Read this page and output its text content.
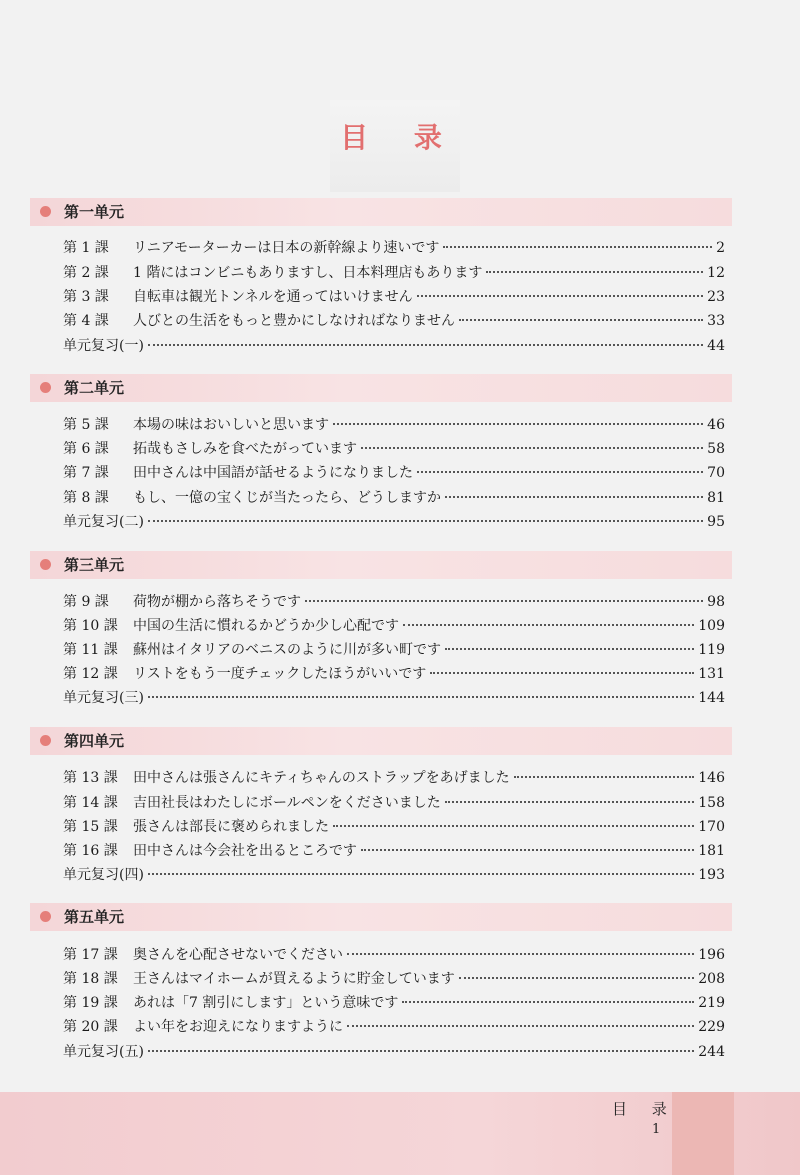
目 录
第一单元
第 1 課	リニアモーターカーは日本の新幹線より速いです	2
第 2 課	1 階にはコンビニもありますし、日本料理店もあります	12
第 3 課	自転車は観光トンネルを通ってはいけません	23
第 4 課	人びとの生活をもっと豊かにしなければなりません	33
单元复习(一)	44
第二单元
第 5 課	本場の味はおいしいと思います	46
第 6 課	拓哉もさしみを食べたがっています	58
第 7 課	田中さんは中国語が話せるようになりました	70
第 8 課	もし、一億の宝くじが当たったら、どうしますか	81
单元复习(二)	95
第三单元
第 9 課	荷物が棚から落ちそうです	98
第 10 課	中国の生活に慣れるかどうか少し心配です	109
第 11 課	蘇州はイタリアのベニスのように川が多い町です	119
第 12 課	リストをもう一度チェックしたほうがいいです	131
单元复习(三)	144
第四单元
第 13 課	田中さんは張さんにキティちゃんのストラップをあげました	146
第 14 課	吉田社長はわたしにボールペンをくださいました	158
第 15 課	張さんは部長に褒められました	170
第 16 課	田中さんは今会社を出るところです	181
单元复习(四)	193
第五单元
第 17 課	奥さんを心配させないでください	196
第 18 課	王さんはマイホームが買えるように貯金しています	208
第 19 課	あれは「7 割引にします」という意味です	219
第 20 課	よい年をお迎えになりますように	229
单元复习(五)	244
目 录
1
